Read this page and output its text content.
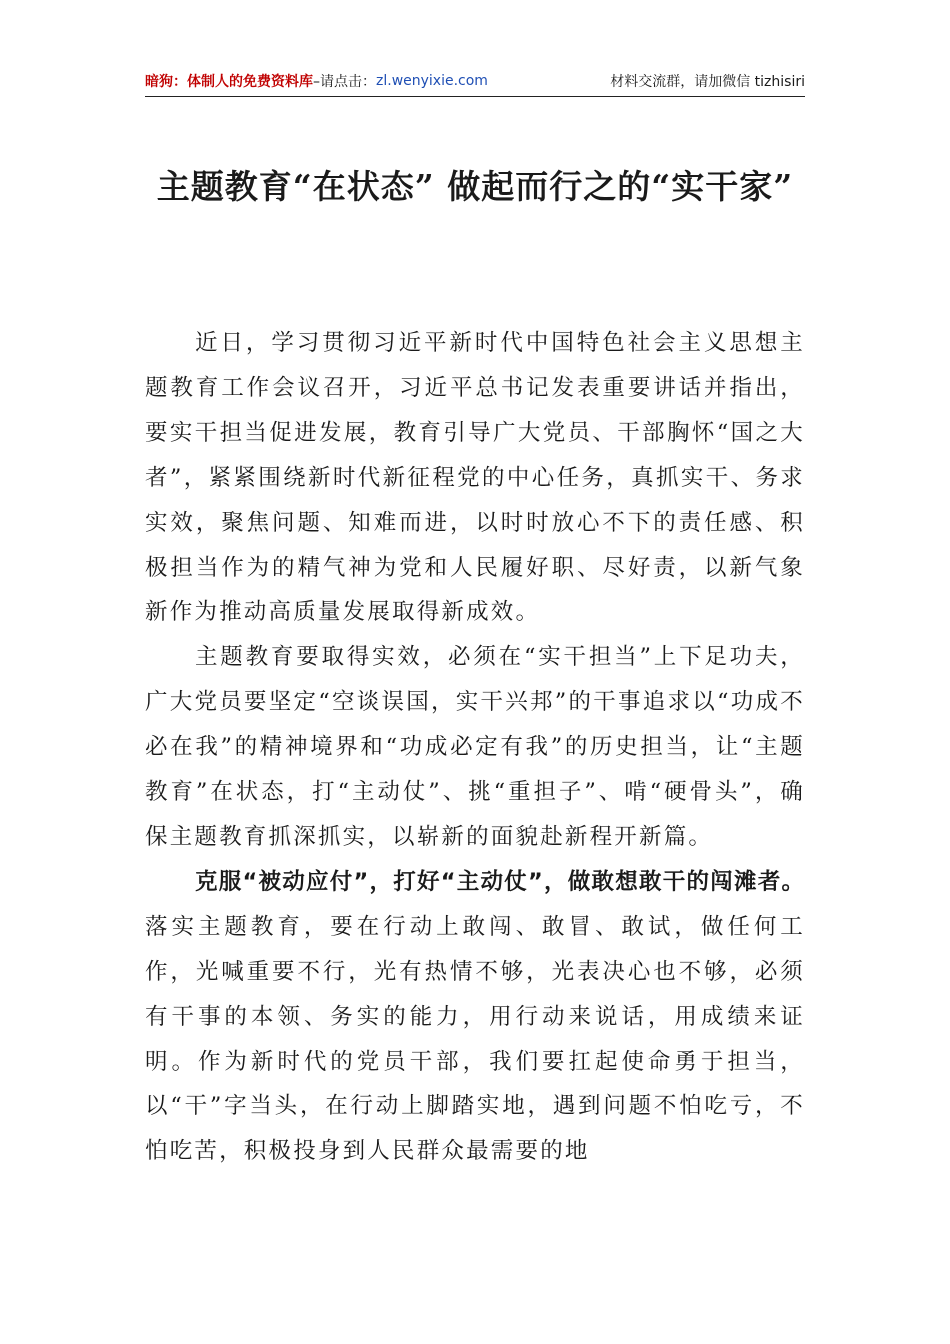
暗狗：体制人的免费资料库 –请点击： zl.wenyixie.com	材料交流群，请加微信 tizhisiri
主题教育“在状态” 做起而行之的“实干家”

近日，学习贯彻习近平新时代中国特色社会主义思想主题教育工作会议召开，习近平总书记发表重要讲话并指出，要实干担当促进发展，教育引导广大党员、干部胸怀“国之大者”，紧紧围绕新时代新征程党的中心任务，真抓实干、务求实效，聚焦问题、知难而进，以时时放心不下的责任感、积极担当作为的精气神为党和人民履好职、尽好责，以新气象新作为推动高质量发展取得新成效。

主题教育要取得实效，必须在“实干担当”上下足功夫，广大党员要坚定“空谈误国，实干兴邦”的干事追求以“功成不必在我”的精神境界和“功成必定有我”的历史担当，让“主题教育”在状态，打“主动仗”、挑“重担子”、啃“硬骨头”，确保主题教育抓深抓实，以崭新的面貌赴新程开新篇。

克服“被动应付”，打好“主动仗”，做敢想敢干的闯滩者。落实主题教育，要在行动上敢闯、敢冒、敢试，做任何工作，光喊重要不行，光有热情不够，光表决心也不够，必须有干事的本领、务实的能力，用行动来说话，用成绩来证明。作为新时代的党员干部，我们要扛起使命勇于担当，以“干”字当头，在行动上脚踏实地，遇到问题不怕吃亏，不怕吃苦，积极投身到人民群众最需要的地
